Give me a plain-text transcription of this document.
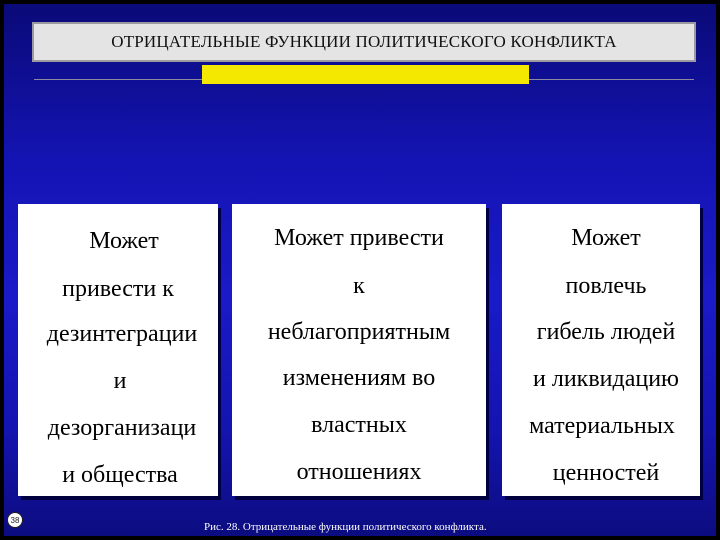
ОТРИЦАТЕЛЬНЫЕ ФУНКЦИИ ПОЛИТИЧЕСКОГО КОНФЛИКТА
Может
привести к
дезинтеграции
и
дезорганизаци
и общества
Может привести
к
неблагоприятным
изменениям во
властных
отношениях
Может
повлечь
гибель людей
и ликвидацию
материальных
ценностей
38
Рис. 28. Отрицательные функции политического конфликта.
